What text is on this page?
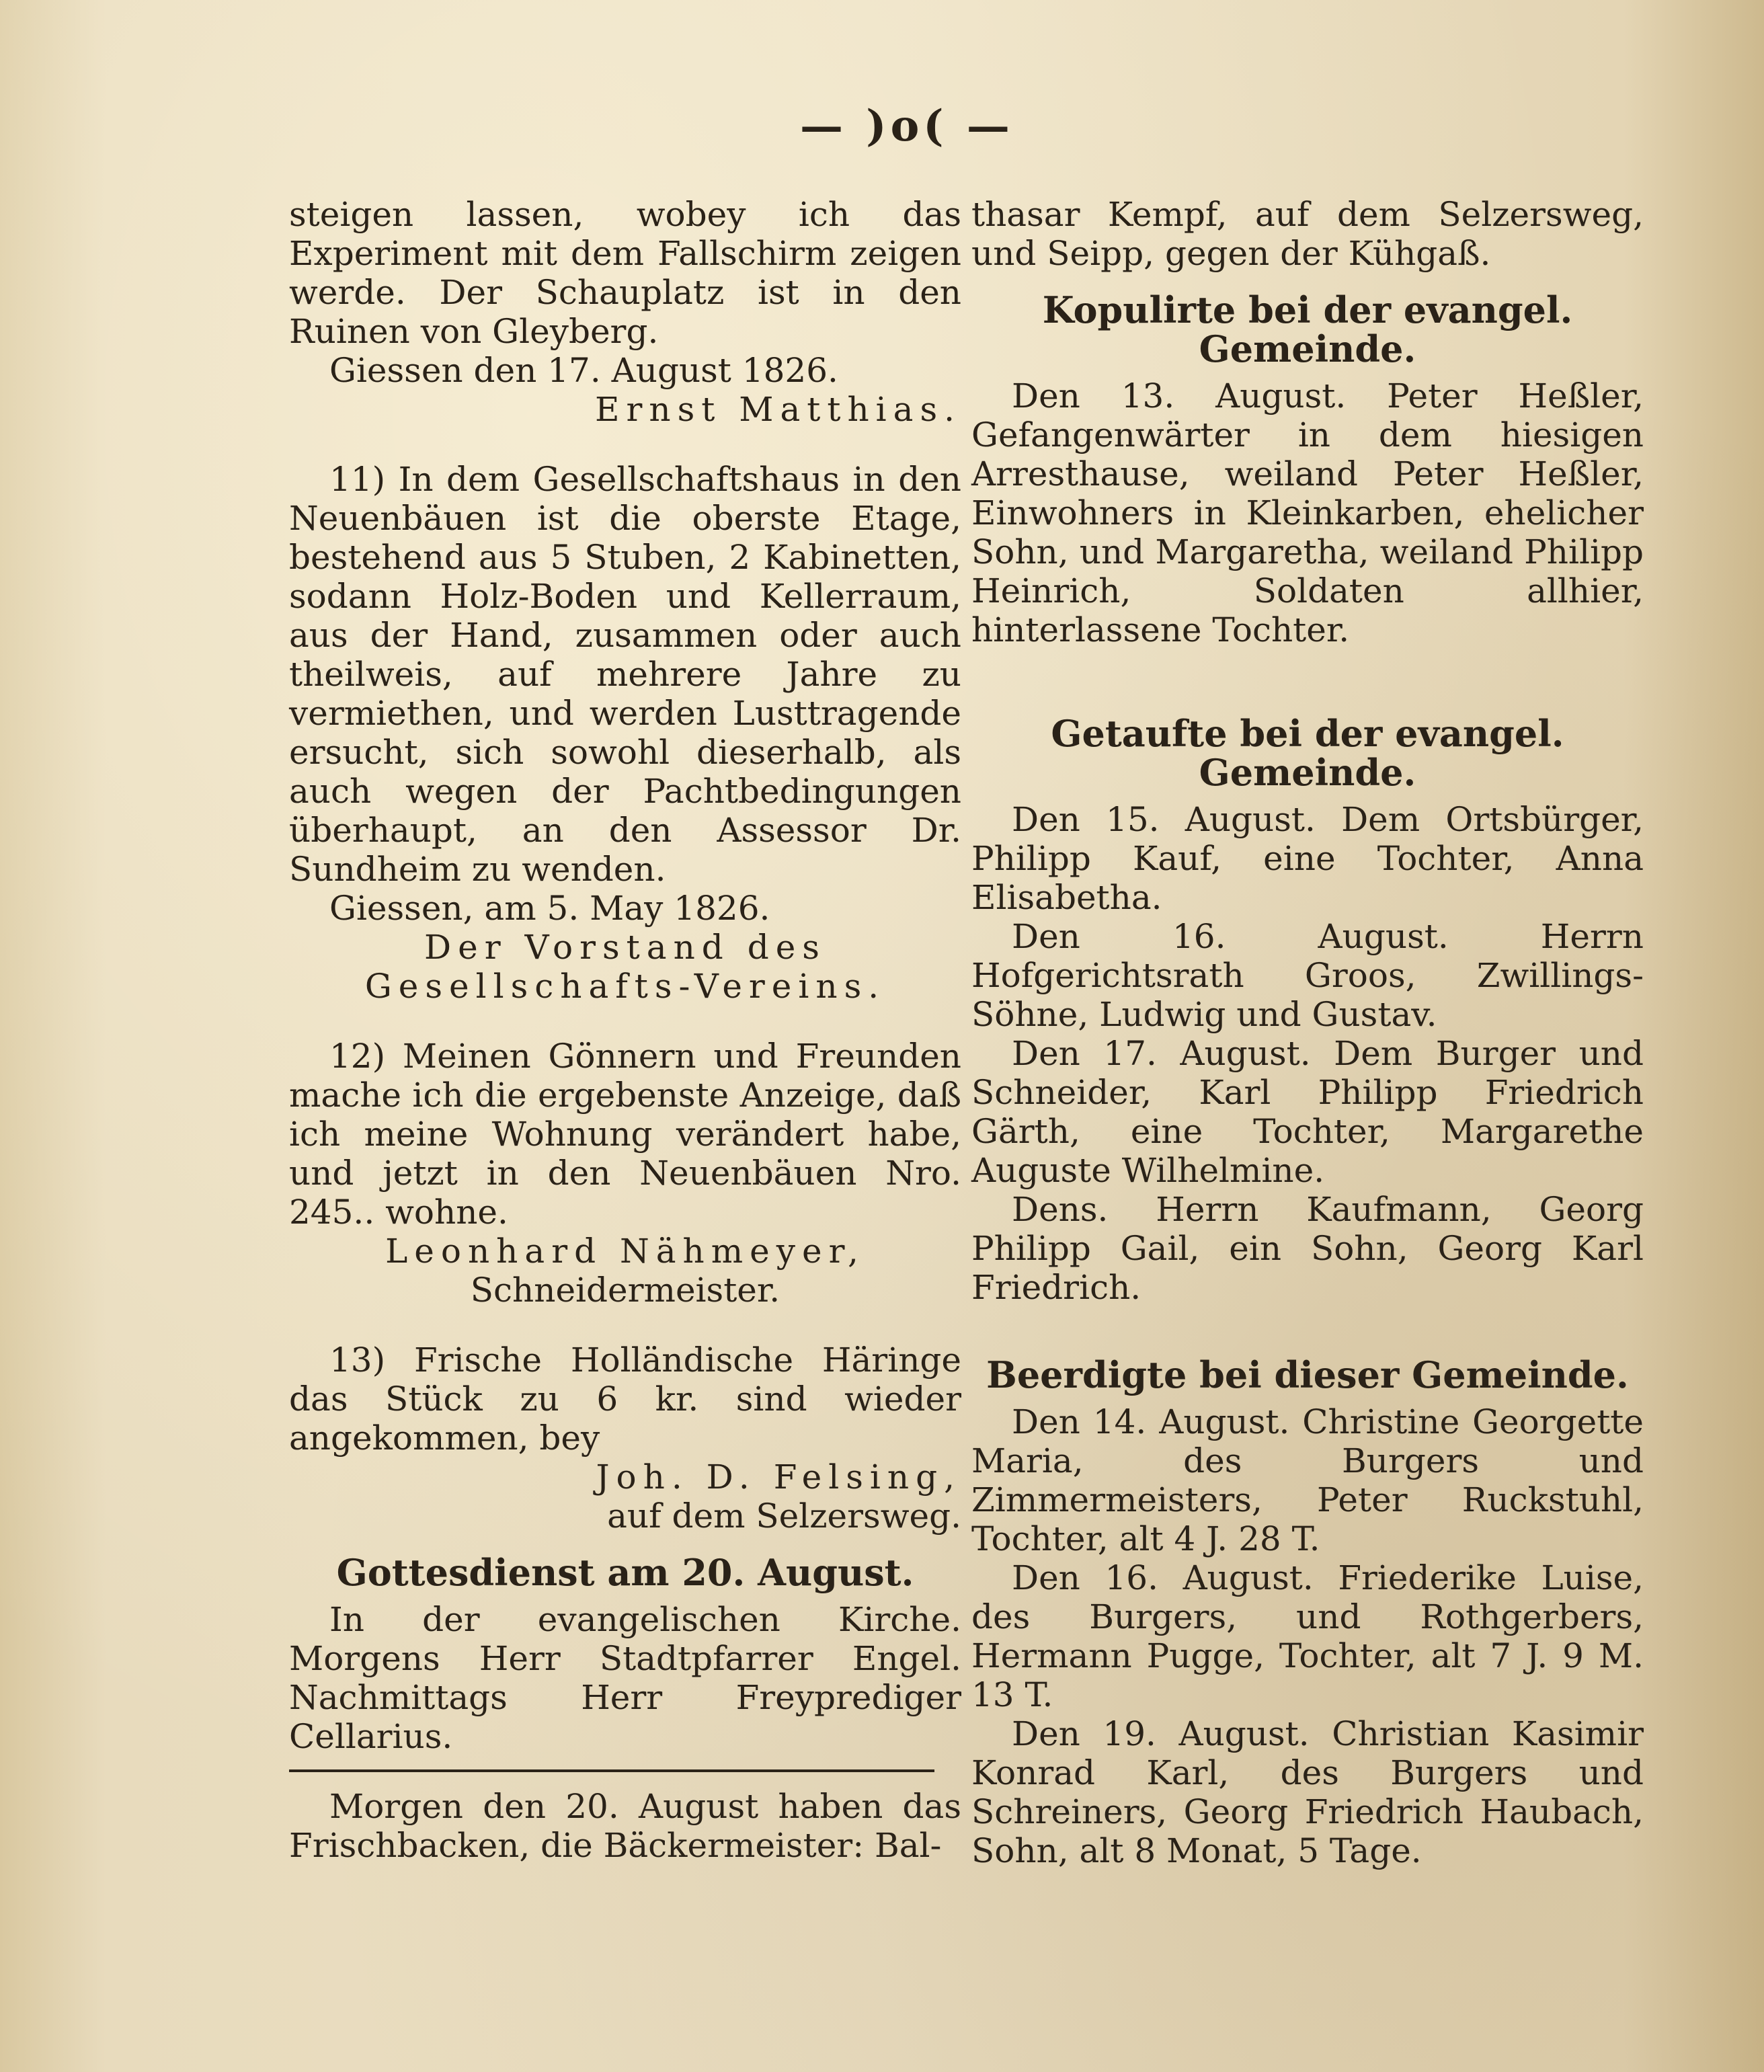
— )o( —

steigen lassen, wobey ich das Experiment mit dem Fallschirm zeigen werde. Der Schauplatz ist in den Ruinen von Gleyberg.

Giessen den 17. August 1826.

Ernst Matthias.

11) In dem Gesellschaftshaus in den Neuenbäuen ist die oberste Etage, bestehend aus 5 Stuben, 2 Kabinetten, sodann Holz-Boden und Kellerraum, aus der Hand, zusammen oder auch theilweis, auf mehrere Jahre zu vermiethen, und werden Lusttragende ersucht, sich sowohl dieserhalb, als auch wegen der Pachtbedingungen überhaupt, an den Assessor Dr. Sundheim zu wenden.

Giessen, am 5. May 1826.

Der Vorstand des Gesellschafts-Vereins.

12) Meinen Gönnern und Freunden mache ich die ergebenste Anzeige, daß ich meine Wohnung verändert habe, und jetzt in den Neuenbäuen Nro. 245.. wohne.

Leonhard Nähmeyer,

Schneidermeister.

13) Frische Holländische Häringe das Stück zu 6 kr. sind wieder angekommen, bey

Joh. D. Felsing,

auf dem Selzersweg.

Gottesdienst am 20. August.

In der evangelischen Kirche. Morgens Herr Stadtpfarrer Engel. Nachmittags Herr Freyprediger Cellarius.

Morgen den 20. August haben das Frischbacken, die Bäckermeister: Bal-

thasar Kempf, auf dem Selzersweg, und Seipp, gegen der Kühgaß.

Kopulirte bei der evangel. Gemeinde.

Den 13. August. Peter Heßler, Gefangenwärter in dem hiesigen Arresthause, weiland Peter Heßler, Einwohners in Kleinkarben, ehelicher Sohn, und Margaretha, weiland Philipp Heinrich, Soldaten allhier, hinterlassene Tochter.

Getaufte bei der evangel. Gemeinde.

Den 15. August. Dem Ortsbürger, Philipp Kauf, eine Tochter, Anna Elisabetha.

Den 16. August. Herrn Hofgerichtsrath Groos, Zwillings-Söhne, Ludwig und Gustav.

Den 17. August. Dem Burger und Schneider, Karl Philipp Friedrich Gärth, eine Tochter, Margarethe Auguste Wilhelmine.

Dens. Herrn Kaufmann, Georg Philipp Gail, ein Sohn, Georg Karl Friedrich.

Beerdigte bei dieser Gemeinde.

Den 14. August. Christine Georgette Maria, des Burgers und Zimmermeisters, Peter Ruckstuhl, Tochter, alt 4 J. 28 T.

Den 16. August. Friederike Luise, des Burgers, und Rothgerbers, Hermann Pugge, Tochter, alt 7 J. 9 M. 13 T.

Den 19. August. Christian Kasimir Konrad Karl, des Burgers und Schreiners, Georg Friedrich Haubach, Sohn, alt 8 Monat, 5 Tage.
